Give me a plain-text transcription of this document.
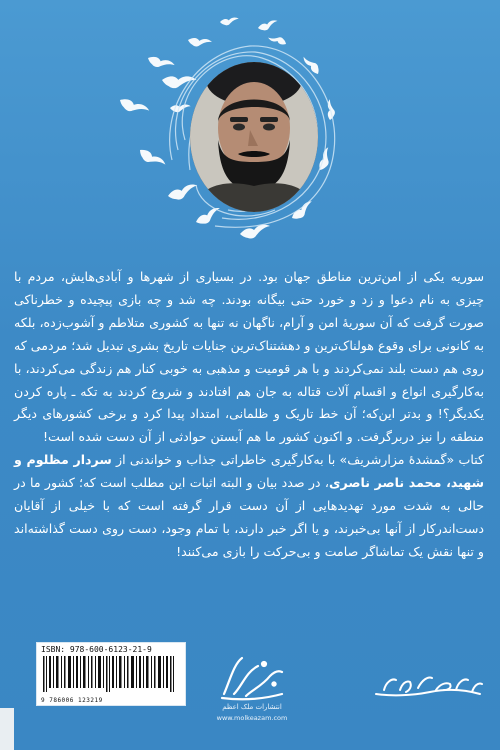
سوریه یکی از امن‌ترین مناطق جهان بود. در بسیاری از شهرها و آبادی‌هایش، مردم با چیزی به نام دعوا و زد و خورد حتی بیگانه بودند. چه شد و چه بازی پیچیده و خطرناکی صورت گرفت که آن سوریهٔ امن و آرام، ناگهان نه تنها به کشوری متلاطم و آشوب‌زده، بلکه به کانونی برای وقوع هولناک‌ترین و دهشتناک‌ترین جنایات تاریخ بشری تبدیل شد؛ مردمی که روی هم دست بلند نمی‌کردند و با هر قومیت و مذهبی به خوبی کنار هم زندگی می‌کردند، با به‌کارگیری انواع و اقسام آلات قتاله به جان هم افتادند و شروع کردند به تکه ـ پاره کردن یکدیگر؟! و بدتر این‌که؛ آن خط تاریک و ظلمانی، امتداد پیدا کرد و برخی کشورهای دیگر منطقه را نیز دربرگرفت. و اکنون کشور ما هم آبستن حوادثی از آن دست شده است!

کتاب «گمشدهٔ مزارشریف» با به‌کارگیری خاطراتی جذاب و خواندنی از سردار مظلوم و شهید، محمد ناصر ناصری، در صدد بیان و البته اثبات این مطلب است که؛ کشور ما در حالی به شدت مورد تهدیدهایی از آن دست قرار گرفته است که با خیلی از آقایان دست‌اندرکار از آنها بی‌خبرند، و یا اگر خبر دارند، با تمام وجود، دست روی دست گذاشته‌اند و تنها نقش یک تماشاگر صامت و بی‌حرکت را بازی می‌کنند!

ISBN: 978-600-6123-21-9
9 786006 123219
انتشارات ملک اعظم
www.molkeazam.com
